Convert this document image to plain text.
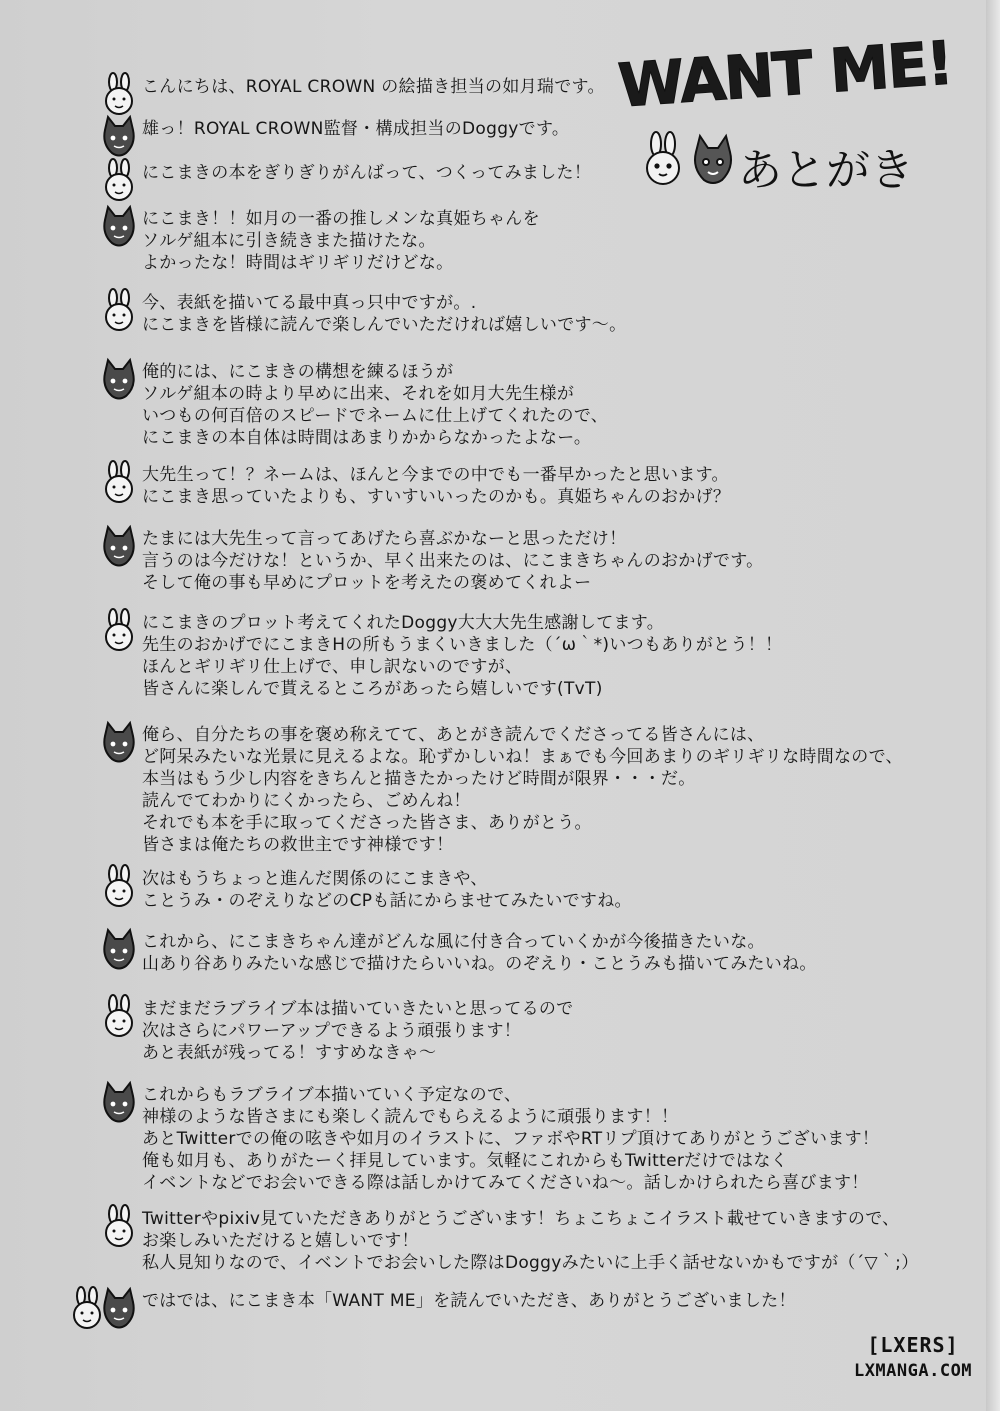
WANT ME!
あとがき
こんにちは、ROYAL CROWN の絵描き担当の如月瑞です。
雄っ！ROYAL CROWN監督・構成担当のDoggyです。
にこまきの本をぎりぎりがんばって、つくってみました！
にこまき！！如月の一番の推しメンな真姫ちゃんを
ソルゲ組本に引き続きまた描けたな。
よかったな！時間はギリギリだけどな。
今、表紙を描いてる最中真っ只中ですが。.
にこまきを皆様に読んで楽しんでいただければ嬉しいです～。
俺的には、にこまきの構想を練るほうが
ソルゲ組本の時より早めに出来、それを如月大先生様が
いつもの何百倍のスピードでネームに仕上げてくれたので、
にこまきの本自体は時間はあまりかからなかったよなー。
大先生って！？ネームは、ほんと今までの中でも一番早かったと思います。
にこまき思っていたよりも、すいすいいったのかも。真姫ちゃんのおかげ？
たまには大先生って言ってあげたら喜ぶかなーと思っただけ！
言うのは今だけな！というか、早く出来たのは、にこまきちゃんのおかげです。
そして俺の事も早めにプロットを考えたの褒めてくれよー
にこまきのプロット考えてくれたDoggy大大大先生感謝してます。
先生のおかげでにこまきHの所もうまくいきました（´ω｀*)いつもありがとう！！
ほんとギリギリ仕上げで、申し訳ないのですが、
皆さんに楽しんで貰えるところがあったら嬉しいです(TvT)
俺ら、自分たちの事を褒め称えてて、あとがき読んでくださってる皆さんには、
ど阿呆みたいな光景に見えるよな。恥ずかしいね！まぁでも今回あまりのギリギリな時間なので、
本当はもう少し内容をきちんと描きたかったけど時間が限界・・・だ。
読んでてわかりにくかったら、ごめんね！
それでも本を手に取ってくださった皆さま、ありがとう。
皆さまは俺たちの救世主です神様です！
次はもうちょっと進んだ関係のにこまきや、
ことうみ・のぞえりなどのCPも話にからませてみたいですね。
これから、にこまきちゃん達がどんな風に付き合っていくかが今後描きたいな。
山あり谷ありみたいな感じで描けたらいいね。のぞえり・ことうみも描いてみたいね。
まだまだラブライブ本は描いていきたいと思ってるので
次はさらにパワーアップできるよう頑張ります！
あと表紙が残ってる！すすめなきゃ～
これからもラブライブ本描いていく予定なので、
神様のような皆さまにも楽しく読んでもらえるように頑張ります！！
あとTwitterでの俺の呟きや如月のイラストに、ファボやRTリプ頂けてありがとうございます！
俺も如月も、ありがたーく拝見しています。気軽にこれからもTwitterだけではなく
イベントなどでお会いできる際は話しかけてみてくださいね～。話しかけられたら喜びます！
Twitterやpixiv見ていただきありがとうございます！ちょこちょこイラスト載せていきますので、
お楽しみいただけると嬉しいです！
私人見知りなので、イベントでお会いした際はDoggyみたいに上手く話せないかもですが（´▽｀;）
ではでは、にこまき本「WANT ME」を読んでいただき、ありがとうございました！
[LXERS]
LXMANGA.COM
